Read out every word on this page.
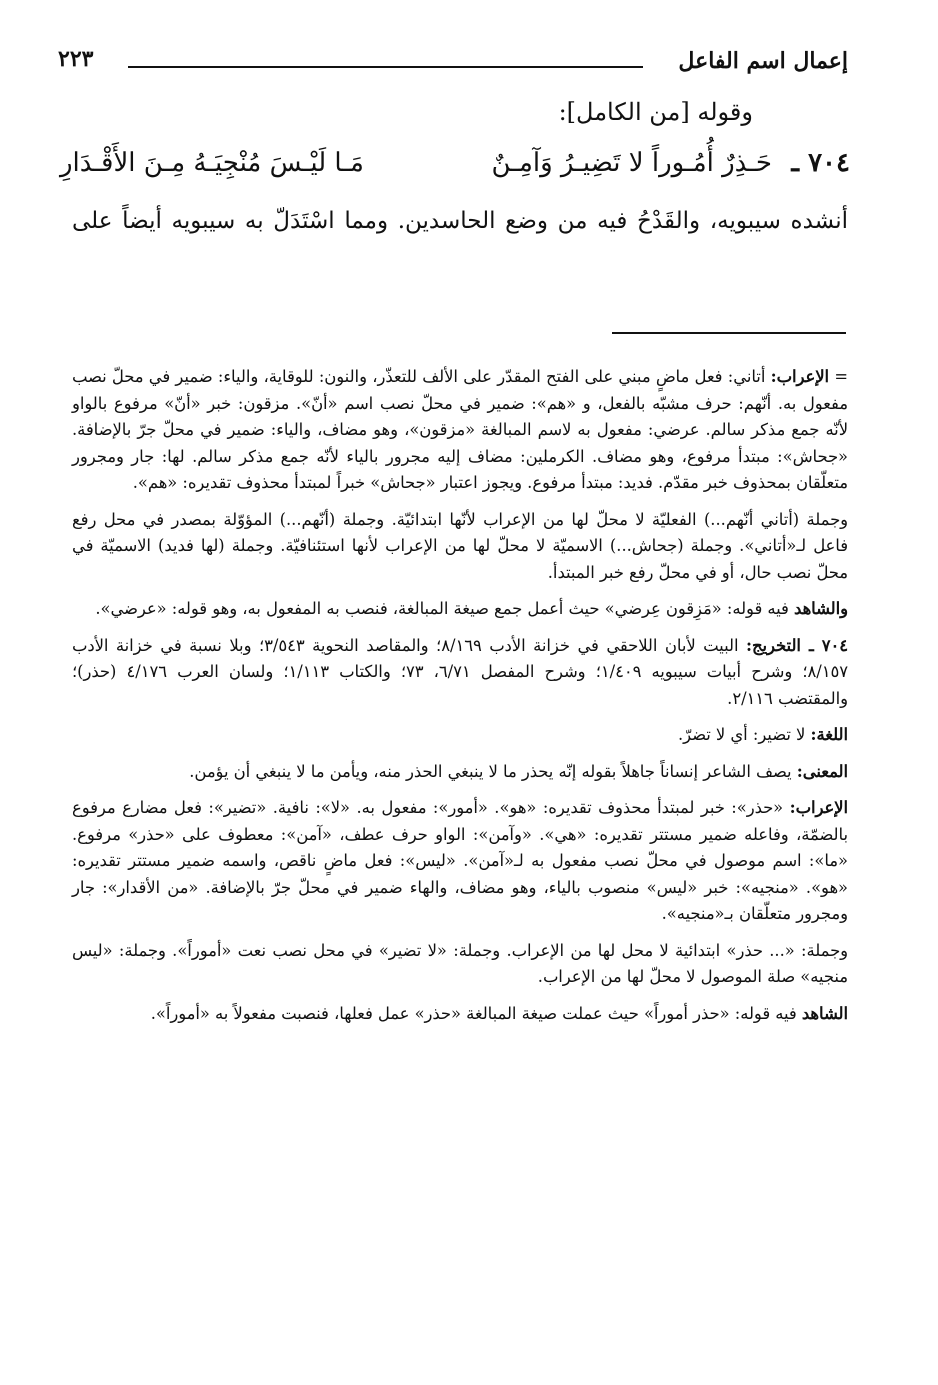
إعمال اسم الفاعل
٢٢٣
وقوله [من الكامل]:
٧٠٤ ـ
حَـذِرٌ أُمُـوراً لا تَضِيـرُ وَآمِـنٌ
مَـا لَيْـسَ مُنْجِيَـهُ مِـنَ الأَقْـدَارِ
أنشده سيبويه، والقَدْحُ فيه من وضع الحاسدين. ومما اسْتَدَلّ به سيبويه أيضاً على

= الإعراب: أتاني: فعل ماضٍ مبني على الفتح المقدّر على الألف للتعذّر، والنون: للوقاية، والياء: ضمير في محلّ نصب مفعول به. أنّهم: حرف مشبّه بالفعل، و «هم»: ضمير في محلّ نصب اسم «أنّ». مزقون: خبر «أنّ» مرفوع بالواو لأنّه جمع مذكر سالم. عرضي: مفعول به لاسم المبالغة «مزقون»، وهو مضاف، والياء: ضمير في محلّ جرّ بالإضافة. «جحاش»: مبتدأ مرفوع، وهو مضاف. الكرملين: مضاف إليه مجرور بالياء لأنّه جمع مذكر سالم. لها: جار ومجرور متعلّقان بمحذوف خبر مقدّم. فديد: مبتدأ مرفوع. ويجوز اعتبار «جحاش» خبراً لمبتدأ محذوف تقديره: «هم».

وجملة (أتاني أنّهم...) الفعليّة لا محلّ لها من الإعراب لأنّها ابتدائيّة. وجملة (أنّهم...) المؤوّلة بمصدر في محل رفع فاعل لـ«أتاني». وجملة (جحاش...) الاسميّة لا محلّ لها من الإعراب لأنها استئنافيّة. وجملة (لها فديد) الاسميّة في محلّ نصب حال، أو في محلّ رفع خبر المبتدأ.

والشاهد فيه قوله: «مَزِقون عِرضي» حيث أعمل جمع صيغة المبالغة، فنصب به المفعول به، وهو قوله: «عرضي».

٧٠٤ ـ التخريج: البيت لأبان اللاحقي في خزانة الأدب ٨/١٦٩؛ والمقاصد النحوية ٣/٥٤٣؛ وبلا نسبة في خزانة الأدب ٨/١٥٧؛ وشرح أبيات سيبويه ١/٤٠٩؛ وشرح المفصل ٦/٧١، ٧٣؛ والكتاب ١/١١٣؛ ولسان العرب ٤/١٧٦ (حذر)؛ والمقتضب ٢/١١٦.

اللغة: لا تضير: أي لا تضرّ.

المعنى: يصف الشاعر إنساناً جاهلاً بقوله إنّه يحذر ما لا ينبغي الحذر منه، ويأمن ما لا ينبغي أن يؤمن.

الإعراب: «حذر»: خبر لمبتدأ محذوف تقديره: «هو». «أمور»: مفعول به. «لا»: نافية. «تضير»: فعل مضارع مرفوع بالضمّة، وفاعله ضمير مستتر تقديره: «هي». «وآمن»: الواو حرف عطف، «آمن»: معطوف على «حذر» مرفوع. «ما»: اسم موصول في محلّ نصب مفعول به لـ«آمن». «ليس»: فعل ماضٍ ناقص، واسمه ضمير مستتر تقديره: «هو». «منجيه»: خبر «ليس» منصوب بالياء، وهو مضاف، والهاء ضمير في محلّ جرّ بالإضافة. «من الأقدار»: جار ومجرور متعلّقان بـ«منجيه».

وجملة: «... حذر» ابتدائية لا محل لها من الإعراب. وجملة: «لا تضير» في محل نصب نعت «أموراً». وجملة: «ليس منجيه» صلة الموصول لا محلّ لها من الإعراب.

الشاهد فيه قوله: «حذر أموراً» حيث عملت صيغة المبالغة «حذر» عمل فعلها، فنصبت مفعولاً به «أموراً».
